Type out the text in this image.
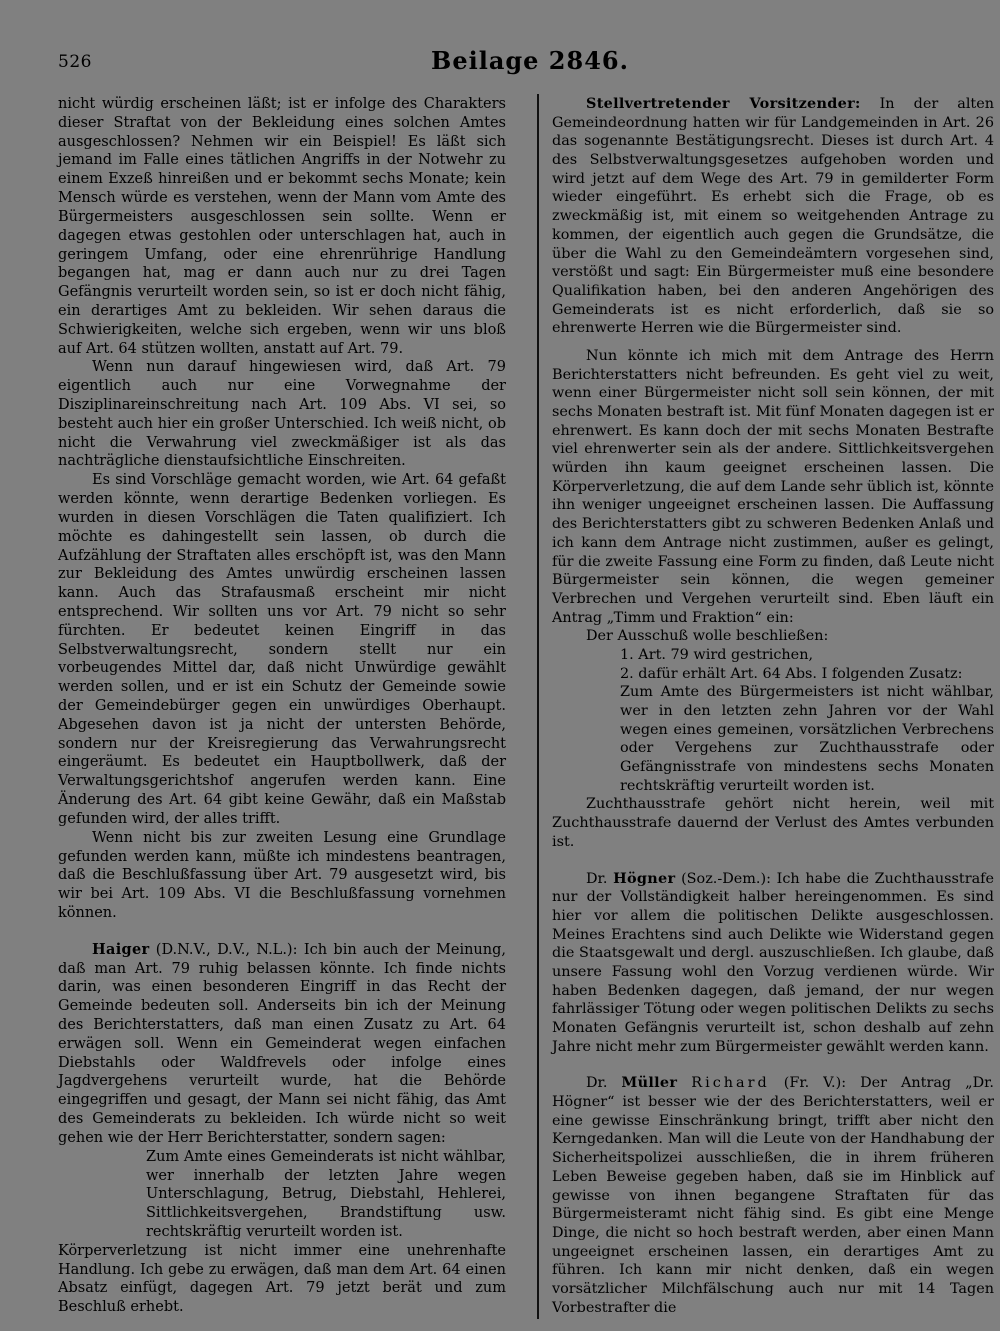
526	Beilage 2846.

nicht würdig erscheinen läßt; ist er infolge des Charakters dieser Straftat von der Bekleidung eines solchen Amtes ausgeschlossen? Nehmen wir ein Beispiel! Es läßt sich jemand im Falle eines tätlichen Angriffs in der Notwehr zu einem Exzeß hinreißen und er bekommt sechs Monate; kein Mensch würde es verstehen, wenn der Mann vom Amte des Bürgermeisters ausgeschlossen sein sollte. Wenn er dagegen etwas gestohlen oder unterschlagen hat, auch in geringem Umfang, oder eine ehrenrührige Handlung begangen hat, mag er dann auch nur zu drei Tagen Gefängnis verurteilt worden sein, so ist er doch nicht fähig, ein derartiges Amt zu bekleiden. Wir sehen daraus die Schwierigkeiten, welche sich ergeben, wenn wir uns bloß auf Art. 64 stützen wollten, anstatt auf Art. 79.

Wenn nun darauf hingewiesen wird, daß Art. 79 eigentlich auch nur eine Vorwegnahme der Disziplinareinschreitung nach Art. 109 Abs. VI sei, so besteht auch hier ein großer Unterschied. Ich weiß nicht, ob nicht die Verwahrung viel zweckmäßiger ist als das nachträgliche dienstaufsichtliche Einschreiten.

Es sind Vorschläge gemacht worden, wie Art. 64 gefaßt werden könnte, wenn derartige Bedenken vorliegen. Es wurden in diesen Vorschlägen die Taten qualifiziert. Ich möchte es dahingestellt sein lassen, ob durch die Aufzählung der Straftaten alles erschöpft ist, was den Mann zur Bekleidung des Amtes unwürdig erscheinen lassen kann. Auch das Strafausmaß erscheint mir nicht entsprechend. Wir sollten uns vor Art. 79 nicht so sehr fürchten. Er bedeutet keinen Eingriff in das Selbstverwaltungsrecht, sondern stellt nur ein vorbeugendes Mittel dar, daß nicht Unwürdige gewählt werden sollen, und er ist ein Schutz der Gemeinde sowie der Gemeindebürger gegen ein unwürdiges Oberhaupt. Abgesehen davon ist ja nicht der untersten Behörde, sondern nur der Kreisregierung das Verwahrungsrecht eingeräumt. Es bedeutet ein Hauptbollwerk, daß der Verwaltungsgerichtshof angerufen werden kann. Eine Änderung des Art. 64 gibt keine Gewähr, daß ein Maßstab gefunden wird, der alles trifft.

Wenn nicht bis zur zweiten Lesung eine Grundlage gefunden werden kann, müßte ich mindestens beantragen, daß die Beschlußfassung über Art. 79 ausgesetzt wird, bis wir bei Art. 109 Abs. VI die Beschlußfassung vornehmen können.

Haiger (D.N.V., D.V., N.L.): Ich bin auch der Meinung, daß man Art. 79 ruhig belassen könnte. Ich finde nichts darin, was einen besonderen Eingriff in das Recht der Gemeinde bedeuten soll. Anderseits bin ich der Meinung des Berichterstatters, daß man einen Zusatz zu Art. 64 erwägen soll. Wenn ein Gemeinderat wegen einfachen Diebstahls oder Waldfrevels oder infolge eines Jagdvergehens verurteilt wurde, hat die Behörde eingegriffen und gesagt, der Mann sei nicht fähig, das Amt des Gemeinderats zu bekleiden. Ich würde nicht so weit gehen wie der Herr Berichterstatter, sondern sagen:

Zum Amte eines Gemeinderats ist nicht wählbar, wer innerhalb der letzten Jahre wegen Unterschlagung, Betrug, Diebstahl, Hehlerei, Sittlichkeitsvergehen, Brandstiftung usw. rechtskräftig verurteilt worden ist.

Körperverletzung ist nicht immer eine unehrenhafte Handlung. Ich gebe zu erwägen, daß man dem Art. 64 einen Absatz einfügt, dagegen Art. 79 jetzt berät und zum Beschluß erhebt.

Stellvertretender Vorsitzender: In der alten Gemeindeordnung hatten wir für Landgemeinden in Art. 26 das sogenannte Bestätigungsrecht. Dieses ist durch Art. 4 des Selbstverwaltungsgesetzes aufgehoben worden und wird jetzt auf dem Wege des Art. 79 in gemilderter Form wieder eingeführt. Es erhebt sich die Frage, ob es zweckmäßig ist, mit einem so weitgehenden Antrage zu kommen, der eigentlich auch gegen die Grundsätze, die über die Wahl zu den Gemeindeämtern vorgesehen sind, verstößt und sagt: Ein Bürgermeister muß eine besondere Qualifikation haben, bei den anderen Angehörigen des Gemeinderats ist es nicht erforderlich, daß sie so ehrenwerte Herren wie die Bürgermeister sind.

Nun könnte ich mich mit dem Antrage des Herrn Berichterstatters nicht befreunden. Es geht viel zu weit, wenn einer Bürgermeister nicht soll sein können, der mit sechs Monaten bestraft ist. Mit fünf Monaten dagegen ist er ehrenwert. Es kann doch der mit sechs Monaten Bestrafte viel ehrenwerter sein als der andere. Sittlichkeitsvergehen würden ihn kaum geeignet erscheinen lassen. Die Körperverletzung, die auf dem Lande sehr üblich ist, könnte ihn weniger ungeeignet erscheinen lassen. Die Auffassung des Berichterstatters gibt zu schweren Bedenken Anlaß und ich kann dem Antrage nicht zustimmen, außer es gelingt, für die zweite Fassung eine Form zu finden, daß Leute nicht Bürgermeister sein können, die wegen gemeiner Verbrechen und Vergehen verurteilt sind. Eben läuft ein Antrag „Timm und Fraktion“ ein:

Der Ausschuß wolle beschließen:

1. Art. 79 wird gestrichen,

2. dafür erhält Art. 64 Abs. I folgenden Zusatz:

Zum Amte des Bürgermeisters ist nicht wählbar, wer in den letzten zehn Jahren vor der Wahl wegen eines gemeinen, vorsätzlichen Verbrechens oder Vergehens zur Zuchthausstrafe oder Gefängnisstrafe von mindestens sechs Monaten rechtskräftig verurteilt worden ist.

Zuchthausstrafe gehört nicht herein, weil mit Zuchthausstrafe dauernd der Verlust des Amtes verbunden ist.

Dr. Högner (Soz.-Dem.): Ich habe die Zuchthausstrafe nur der Vollständigkeit halber hereingenommen. Es sind hier vor allem die politischen Delikte ausgeschlossen. Meines Erachtens sind auch Delikte wie Widerstand gegen die Staatsgewalt und dergl. auszuschließen. Ich glaube, daß unsere Fassung wohl den Vorzug verdienen würde. Wir haben Bedenken dagegen, daß jemand, der nur wegen fahrlässiger Tötung oder wegen politischen Delikts zu sechs Monaten Gefängnis verurteilt ist, schon deshalb auf zehn Jahre nicht mehr zum Bürgermeister gewählt werden kann.

Dr. Müller Richard (Fr. V.): Der Antrag „Dr. Högner“ ist besser wie der des Berichterstatters, weil er eine gewisse Einschränkung bringt, trifft aber nicht den Kerngedanken. Man will die Leute von der Handhabung der Sicherheitspolizei ausschließen, die in ihrem früheren Leben Beweise gegeben haben, daß sie im Hinblick auf gewisse von ihnen begangene Straftaten für das Bürgermeisteramt nicht fähig sind. Es gibt eine Menge Dinge, die nicht so hoch bestraft werden, aber einen Mann ungeeignet erscheinen lassen, ein derartiges Amt zu führen. Ich kann mir nicht denken, daß ein wegen vorsätzlicher Milchfälschung auch nur mit 14 Tagen Vorbestrafter die
